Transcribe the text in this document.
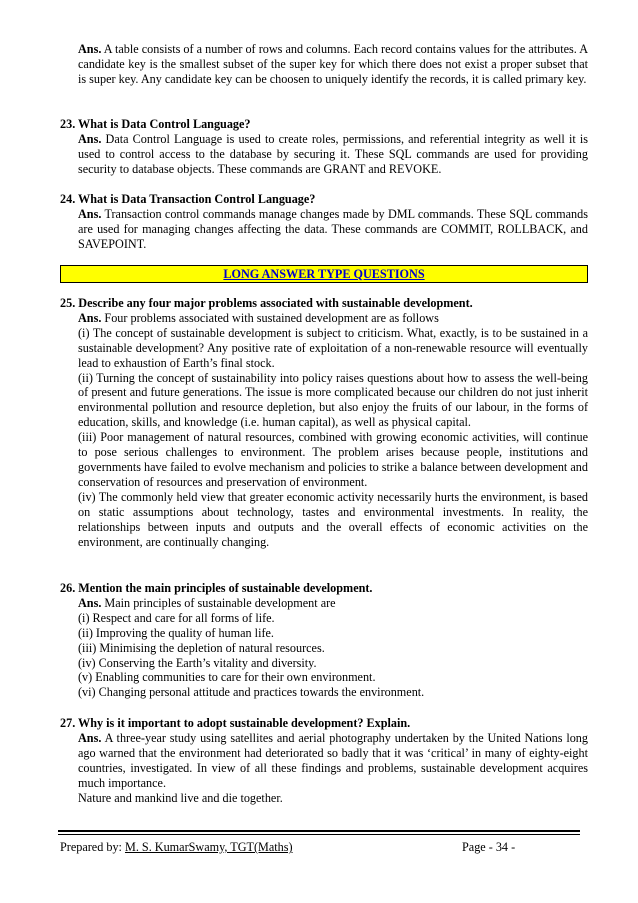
Ans. A table consists of a number of rows and columns. Each record contains values for the attributes. A candidate key is the smallest subset of the super key for which there does not exist a proper subset that is super key. Any candidate key can be choosen to uniquely identify the records, it is called primary key.

23. What is Data Control Language?

Ans. Data Control Language is used to create roles, permissions, and referential integrity as well it is used to control access to the database by securing it. These SQL commands are used for providing security to database objects. These commands are GRANT and REVOKE.

24. What is Data Transaction Control Language?

Ans. Transaction control commands manage changes made by DML commands. These SQL commands are used for managing changes affecting the data. These commands are COMMIT, ROLLBACK, and SAVEPOINT.

LONG ANSWER TYPE QUESTIONS

25. Describe any four major problems associated with sustainable development.

Ans. Four problems associated with sustained development are as follows

(i) The concept of sustainable development is subject to criticism. What, exactly, is to be sustained in a sustainable development? Any positive rate of exploitation of a non-renewable resource will eventually lead to exhaustion of Earth’s final stock.

(ii) Turning the concept of sustainability into policy raises questions about how to assess the well-being of present and future generations. The issue is more complicated because our children do not just inherit environmental pollution and resource depletion, but also enjoy the fruits of our labour, in the forms of education, skills, and knowledge (i.e. human capital), as well as physical capital.

(iii) Poor management of natural resources, combined with growing economic activities, will continue to pose serious challenges to environment. The problem arises because people, institutions and governments have failed to evolve mechanism and policies to strike a balance between development and conservation of resources and preservation of environment.

(iv) The commonly held view that greater economic activity necessarily hurts the environment, is based on static assumptions about technology, tastes and environmental investments. In reality, the relationships between inputs and outputs and the overall effects of economic activities on the environment, are continually changing.

26. Mention the main principles of sustainable development.

Ans. Main principles of sustainable development are

(i) Respect and care for all forms of life.

(ii) Improving the quality of human life.

(iii) Minimising the depletion of natural resources.

(iv) Conserving the Earth’s vitality and diversity.

(v) Enabling communities to care for their own environment.

(vi) Changing personal attitude and practices towards the environment.

27. Why is it important to adopt sustainable development? Explain.

Ans. A three-year study using satellites and aerial photography undertaken by the United Nations long ago warned that the environment had deteriorated so badly that it was ‘critical’ in many of eighty-eight countries, investigated. In view of all these findings and problems, sustainable development acquires much importance.

Nature and mankind live and die together.

Prepared by: M. S. KumarSwamy, TGT(Maths)	Page - 34 -
